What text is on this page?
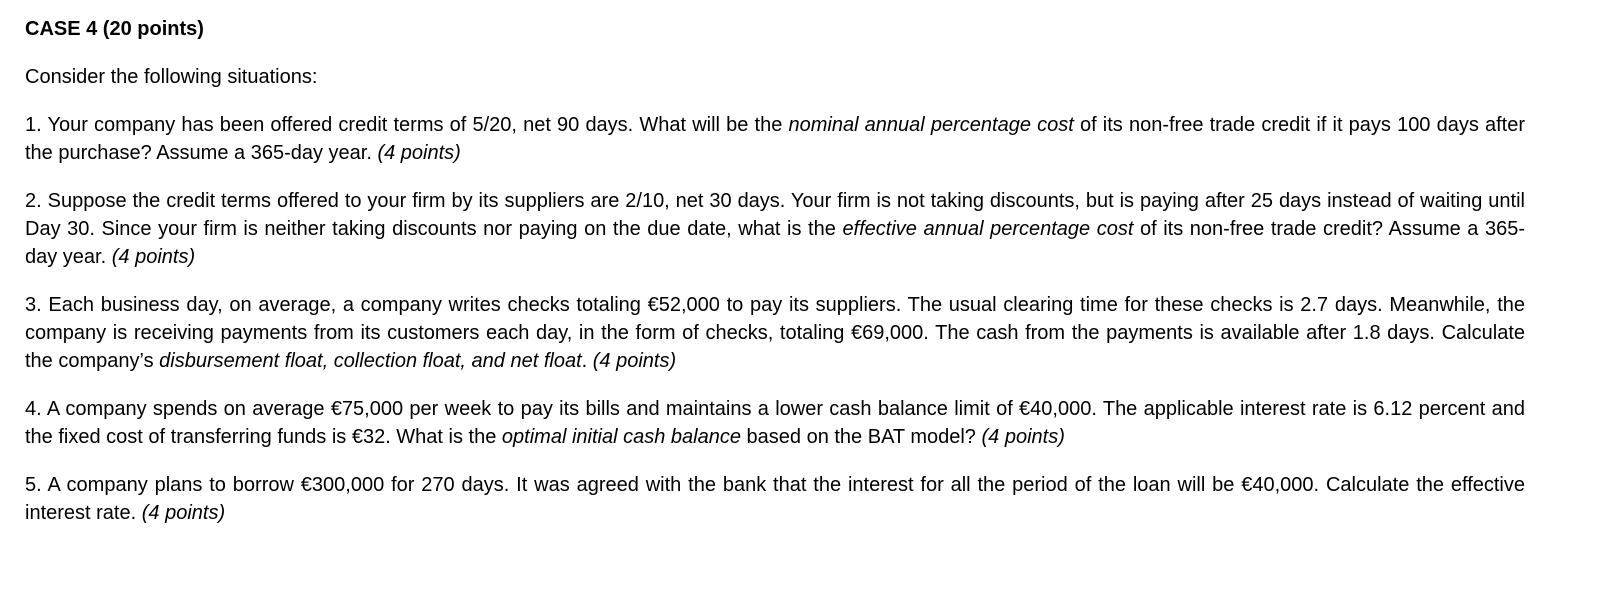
CASE 4 (20 points)
Consider the following situations:

1. Your company has been offered credit terms of 5/20, net 90 days. What will be the nominal annual percentage cost of its non-free trade credit if it pays 100 days after the purchase? Assume a 365-day year. (4 points)

2. Suppose the credit terms offered to your firm by its suppliers are 2/10, net 30 days. Your firm is not taking discounts, but is paying after 25 days instead of waiting until Day 30. Since your firm is neither taking discounts nor paying on the due date, what is the effective annual percentage cost of its non-free trade credit? Assume a 365-day year. (4 points)

3. Each business day, on average, a company writes checks totaling €52,000 to pay its suppliers. The usual clearing time for these checks is 2.7 days. Meanwhile, the company is receiving payments from its customers each day, in the form of checks, totaling €69,000. The cash from the payments is available after 1.8 days. Calculate the company’s disbursement float, collection float, and net float. (4 points)

4. A company spends on average €75,000 per week to pay its bills and maintains a lower cash balance limit of €40,000. The applicable interest rate is 6.12 percent and the fixed cost of transferring funds is €32. What is the optimal initial cash balance based on the BAT model? (4 points)

5. A company plans to borrow €300,000 for 270 days. It was agreed with the bank that the interest for all the period of the loan will be €40,000. Calculate the effective interest rate. (4 points)
